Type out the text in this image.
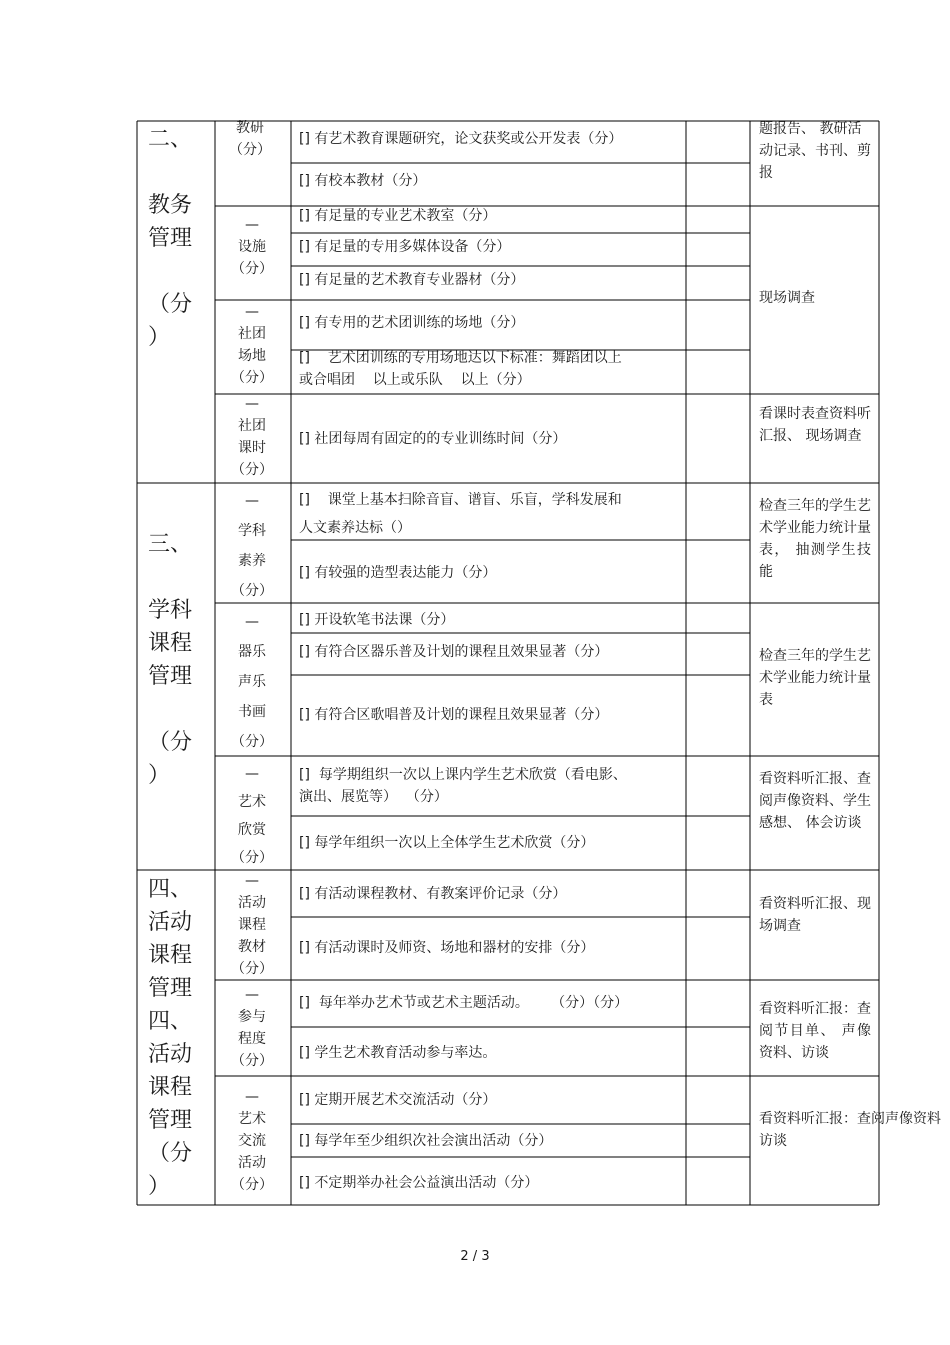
二、

教务
管理

（分
）
教研
（分）
[] 有艺术教育课题研究，论文获奖或公开发表（分）
[] 有校本教材（分）
题报告、 教研活动记录、书刊、剪报
—
设施
（分）
[] 有足量的专业艺术教室（分）
[] 有足量的专用多媒体设备（分）
[] 有足量的艺术教育专业器材（分）
现场调查
—
社团
场地
（分）
[] 有专用的艺术团训练的场地（分）
[]    艺术团训练的专用场地达以下标准：舞蹈团以上
或合唱团    以上或乐队    以上（分）
—
社团
课时
（分）
[] 社团每周有固定的的专业训练时间（分）
看课时表查资料听汇报、 现场调查
三、

学科
课程
管理

（分
）
—
学科
素养
（分）
[]    课堂上基本扫除音盲、谱盲、乐盲，学科发展和
人文素养达标（）
[] 有较强的造型表达能力（分）
检查三年的学生艺术学业能力统计量表， 抽测学生技能
—
器乐
声乐
书画
（分）
[] 开设软笔书法课（分）
[] 有符合区器乐普及计划的课程且效果显著（分）
[] 有符合区歌唱普及计划的课程且效果显著（分）
检查三年的学生艺术学业能力统计量表
—
艺术
欣赏
（分）
[]  每学期组织一次以上课内学生艺术欣赏（看电影、
演出、展览等）  （分）
[] 每学年组织一次以上全体学生艺术欣赏（分）
看资料听汇报、查阅声像资料、学生感想、 体会访谈
四、
活动
课程
管理
四、
活动
课程
管理
（分
）
—
活动
课程
教材
（分）
[] 有活动课程教材、有教案评价记录（分）
[] 有活动课时及师资、场地和器材的安排（分）
看资料听汇报、现场调查
—
参与
程度
（分）
[]  每年举办艺术节或艺术主题活动。     （分）（分）
[] 学生艺术教育活动参与率达。
看资料听汇报：查阅节目单、 声像资料、访谈
—
艺术
交流
活动
（分）
[] 定期开展艺术交流活动（分）
[] 每学年至少组织次社会演出活动（分）
[] 不定期举办社会公益演出活动（分）
看资料听汇报：查阅声像资料
访谈
2 / 3
